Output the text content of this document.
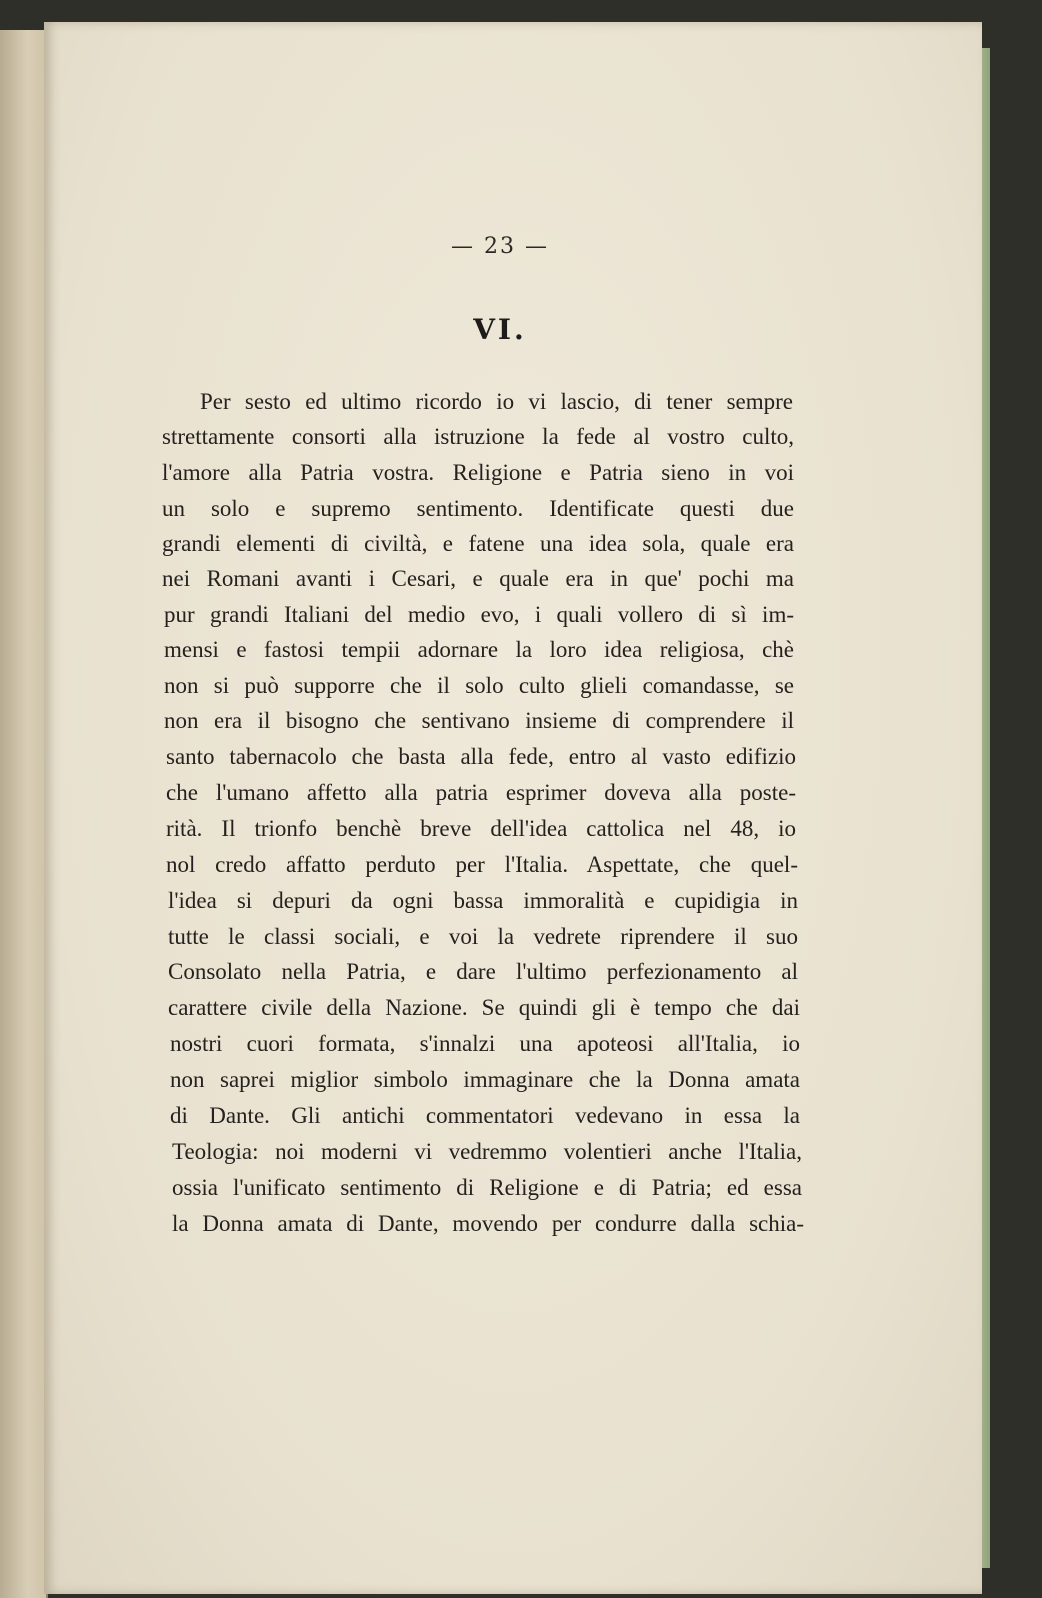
— 23 —
VI.
Per sesto ed ultimo ricordo io vi lascio, di tener sempre
strettamente consorti alla istruzione la fede al vostro culto,
l'amore alla Patria vostra. Religione e Patria sieno in voi
un solo e supremo sentimento. Identificate questi due
grandi elementi di civiltà, e fatene una idea sola, quale era
nei Romani avanti i Cesari, e quale era in que' pochi ma
pur grandi Italiani del medio evo, i quali vollero di sì im-
mensi e fastosi tempii adornare la loro idea religiosa, chè
non si può supporre che il solo culto glieli comandasse, se
non era il bisogno che sentivano insieme di comprendere il
santo tabernacolo che basta alla fede, entro al vasto edifizio
che l'umano affetto alla patria esprimer doveva alla poste-
rità. Il trionfo benchè breve dell'idea cattolica nel 48, io
nol credo affatto perduto per l'Italia. Aspettate, che quel-
l'idea si depuri da ogni bassa immoralità e cupidigia in
tutte le classi sociali, e voi la vedrete riprendere il suo
Consolato nella Patria, e dare l'ultimo perfezionamento al
carattere civile della Nazione. Se quindi gli è tempo che dai
nostri cuori formata, s'innalzi una apoteosi all'Italia, io
non saprei miglior simbolo immaginare che la Donna amata
di Dante. Gli antichi commentatori vedevano in essa la
Teologia: noi moderni vi vedremmo volentieri anche l'Italia,
ossia l'unificato sentimento di Religione e di Patria; ed essa
la Donna amata di Dante, movendo per condurre dalla schia-
